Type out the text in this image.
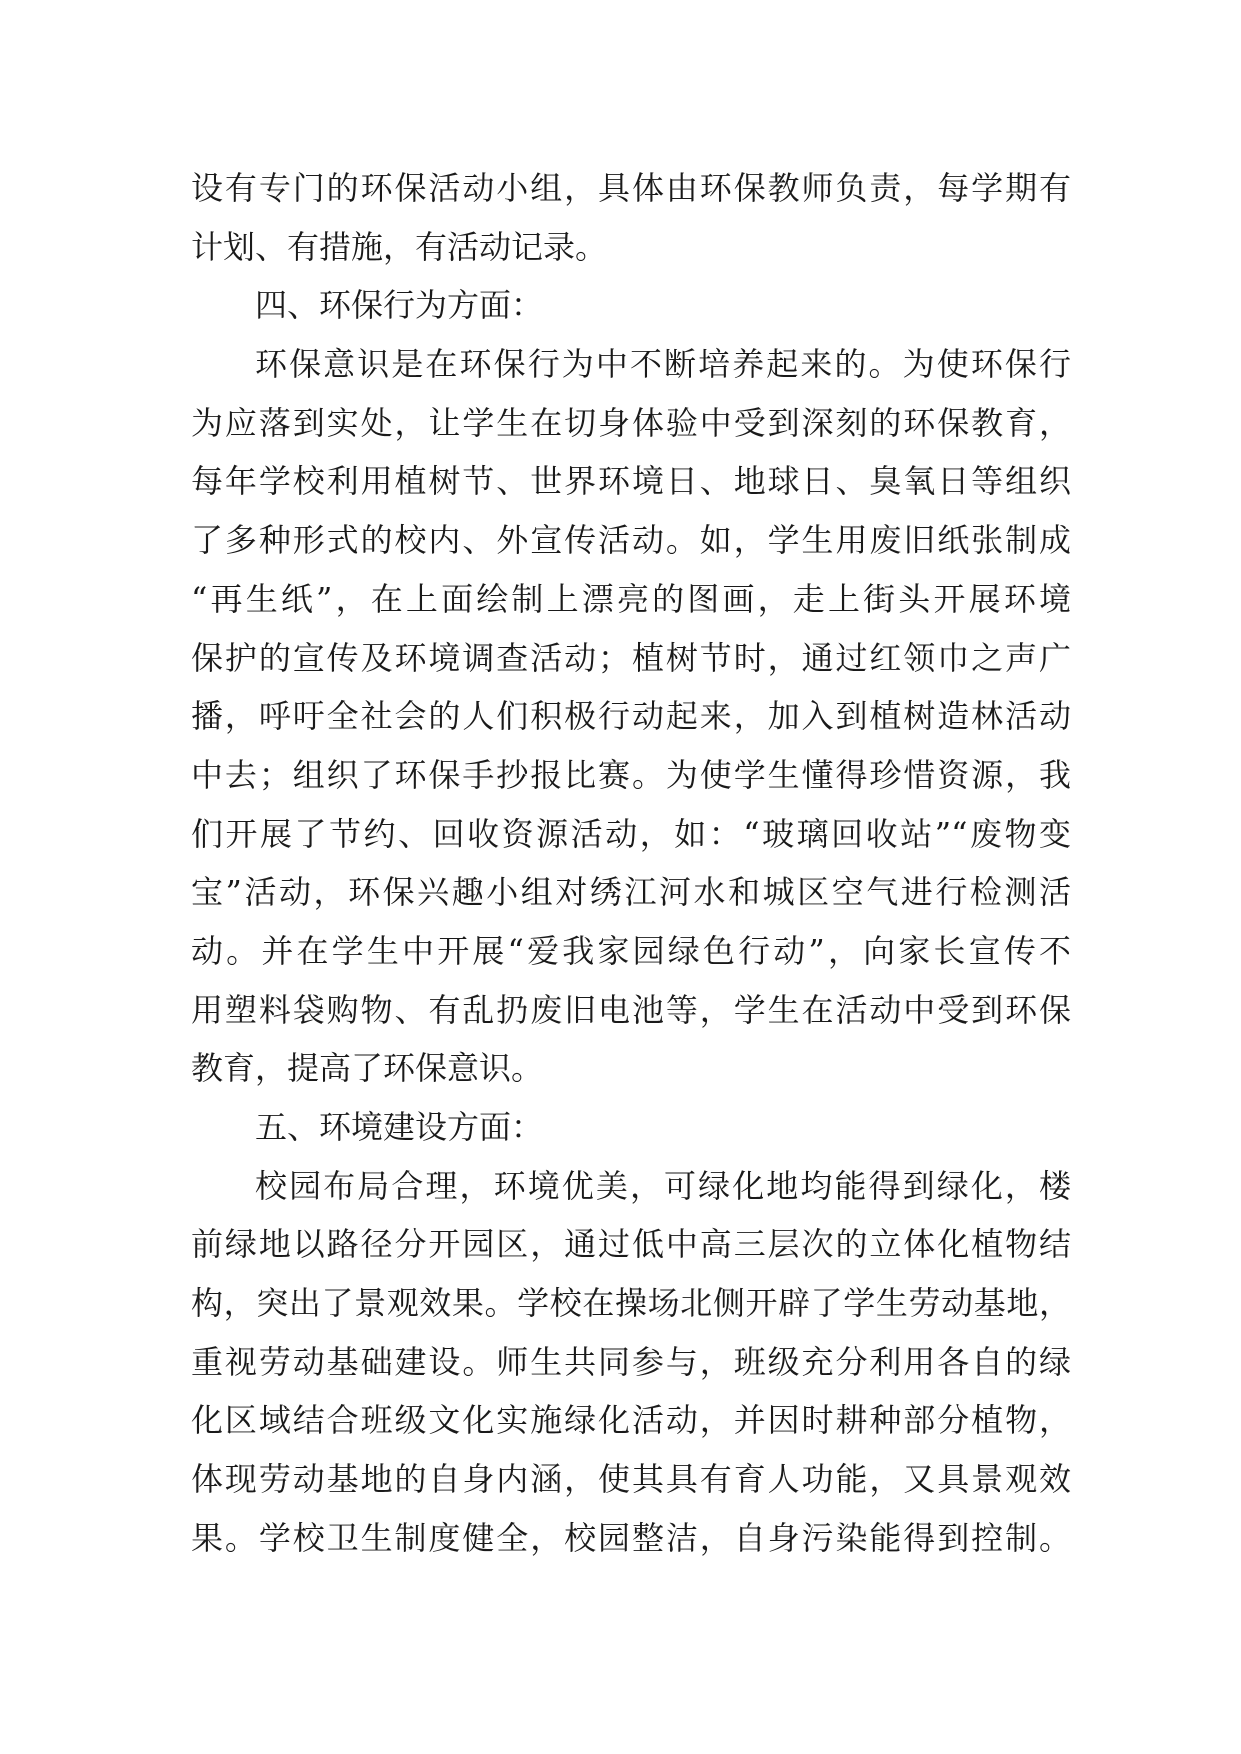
设有专门的环保活动小组，具体由环保教师负责，每学期有
计划、有措施，有活动记录。
四、环保行为方面：
环保意识是在环保行为中不断培养起来的。为使环保行
为应落到实处，让学生在切身体验中受到深刻的环保教育，
每年学校利用植树节、世界环境日、地球日、臭氧日等组织
了多种形式的校内、外宣传活动。如，学生用废旧纸张制成
“再生纸”，在上面绘制上漂亮的图画，走上街头开展环境
保护的宣传及环境调查活动；植树节时，通过红领巾之声广
播，呼吁全社会的人们积极行动起来，加入到植树造林活动
中去；组织了环保手抄报比赛。为使学生懂得珍惜资源，我
们开展了节约、回收资源活动，如：“玻璃回收站”“废物变
宝”活动，环保兴趣小组对绣江河水和城区空气进行检测活
动。并在学生中开展“爱我家园绿色行动”，向家长宣传不
用塑料袋购物、有乱扔废旧电池等，学生在活动中受到环保
教育，提高了环保意识。
五、环境建设方面：
校园布局合理，环境优美，可绿化地均能得到绿化，楼
前绿地以路径分开园区，通过低中高三层次的立体化植物结
构，突出了景观效果。学校在操场北侧开辟了学生劳动基地，
重视劳动基础建设。师生共同参与，班级充分利用各自的绿
化区域结合班级文化实施绿化活动，并因时耕种部分植物，
体现劳动基地的自身内涵，使其具有育人功能，又具景观效
果。学校卫生制度健全，校园整洁，自身污染能得到控制。
